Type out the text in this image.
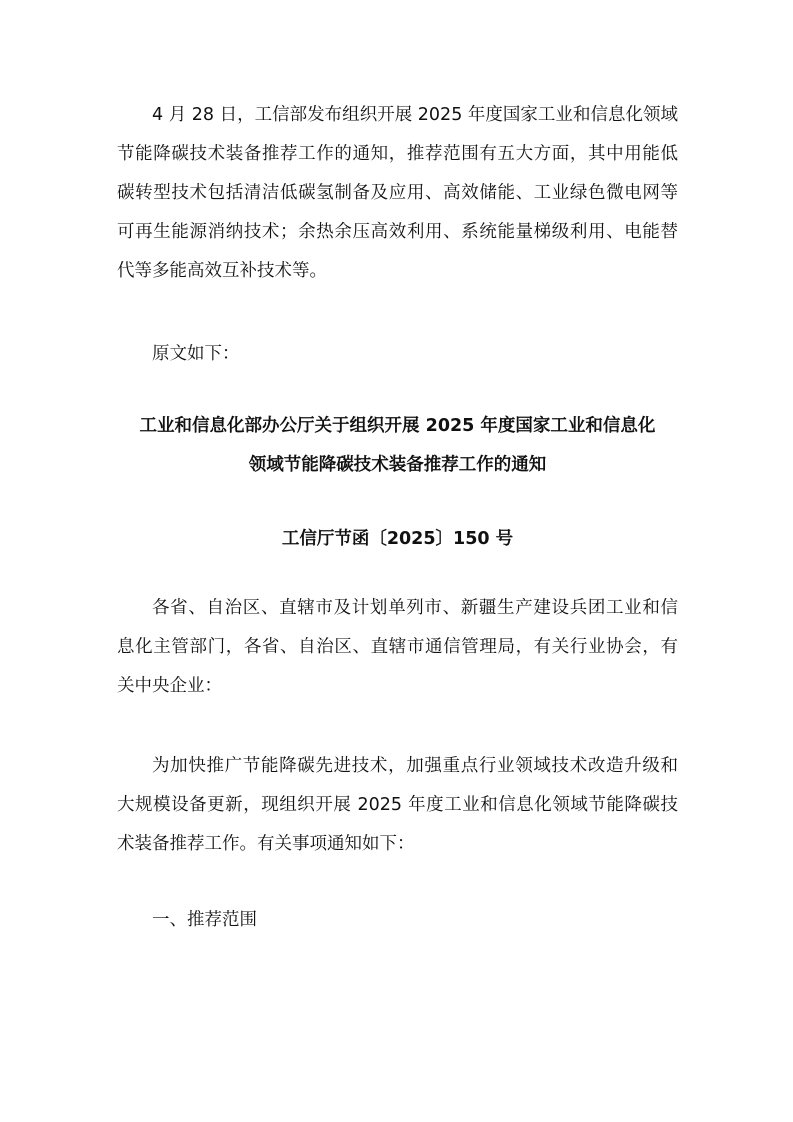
4 月 28 日，工信部发布组织开展 2025 年度国家工业和信息化领域
节能降碳技术装备推荐工作的通知，推荐范围有五大方面，其中用能低
碳转型技术包括清洁低碳氢制备及应用、高效储能、工业绿色微电网等
可再生能源消纳技术；余热余压高效利用、系统能量梯级利用、电能替
代等多能高效互补技术等。
原文如下：
工业和信息化部办公厅关于组织开展 2025 年度国家工业和信息化
领域节能降碳技术装备推荐工作的通知
工信厅节函〔2025〕150 号
各省、自治区、直辖市及计划单列市、新疆生产建设兵团工业和信
息化主管部门，各省、自治区、直辖市通信管理局，有关行业协会，有
关中央企业：
为加快推广节能降碳先进技术，加强重点行业领域技术改造升级和
大规模设备更新，现组织开展 2025 年度工业和信息化领域节能降碳技
术装备推荐工作。有关事项通知如下：
一、推荐范围
